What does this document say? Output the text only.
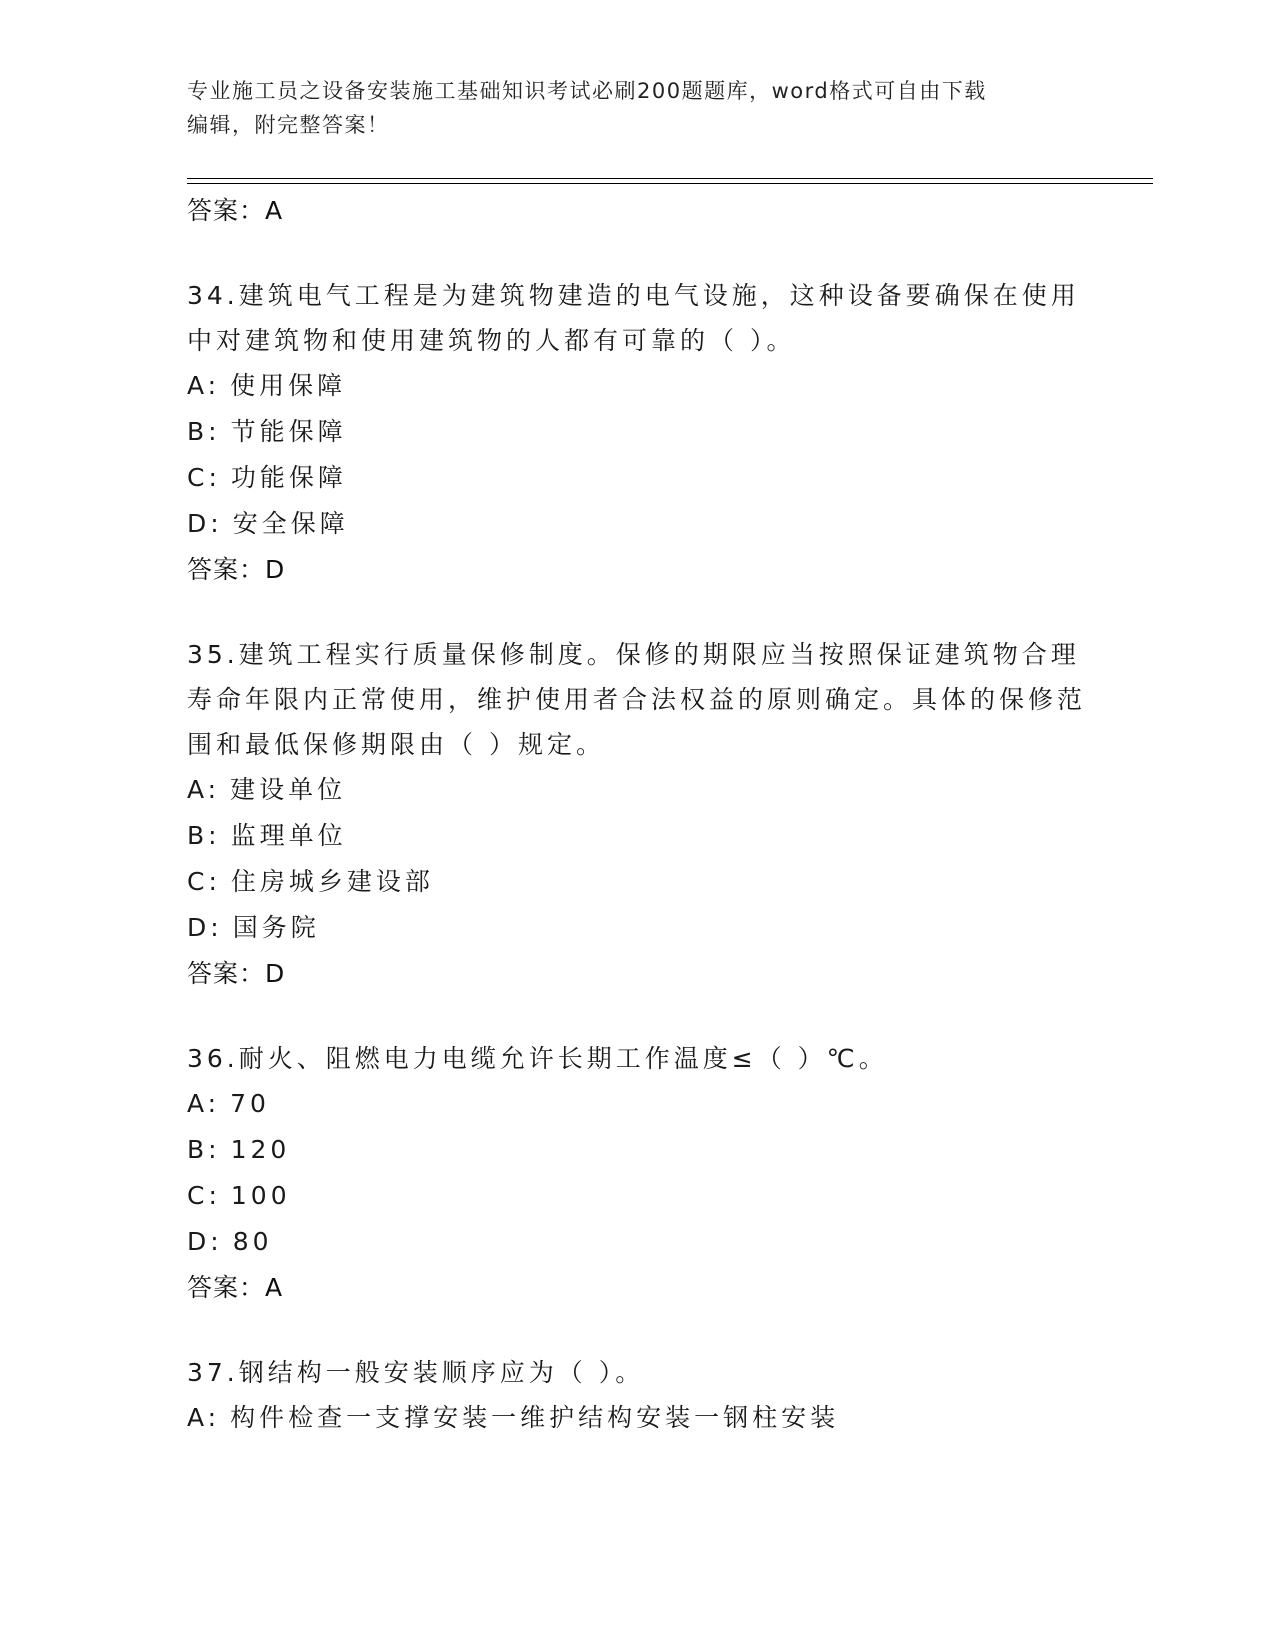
专业施工员之设备安装施工基础知识考试必刷200题题库，word格式可自由下载
编辑，附完整答案！
答案：A
34.建筑电气工程是为建筑物建造的电气设施，这种设备要确保在使用中对建筑物和使用建筑物的人都有可靠的（ ）。
A: 使用保障
B: 节能保障
C: 功能保障
D: 安全保障
答案：D
35.建筑工程实行质量保修制度。保修的期限应当按照保证建筑物合理寿命年限内正常使用，维护使用者合法权益的原则确定。具体的保修范围和最低保修期限由（ ）规定。
A: 建设单位
B: 监理单位
C: 住房城乡建设部
D: 国务院
答案：D
36.耐火、阻燃电力电缆允许长期工作温度≤（ ）℃。
A: 70
B: 120
C: 100
D: 80
答案：A
37.钢结构一般安装顺序应为（ ）。
A: 构件检查一支撑安装一维护结构安装一钢柱安装
